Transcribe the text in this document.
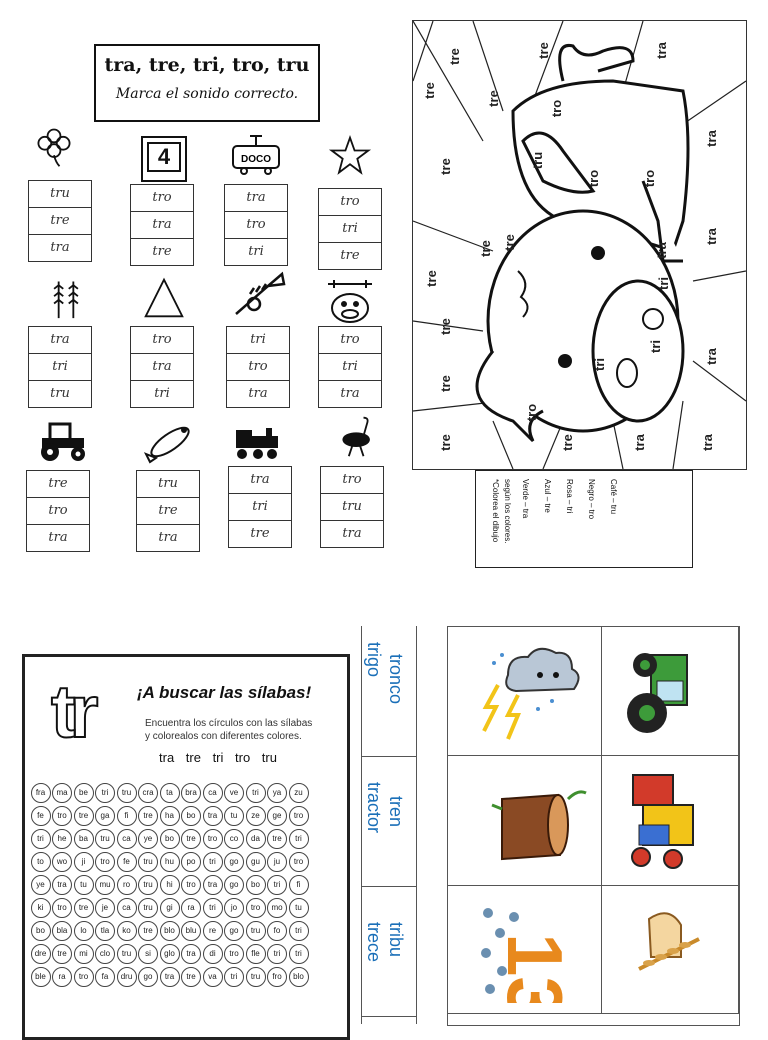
tra, tre, tri, tro, tru
Marca el sonido correcto.
4	DOCO
tru
tre
tra
tro
tra
tre
tra
tro
tri
tro
tri
tre
tra
tri
tru
tro
tra
tri
tri
tro
tra
tro
tri
tra
tre
tro
tra
tru
tre
tra
tra
tri
tre
tro
tru
tra
tre
tre
tre	tra
tre
tro
tru
tro
tra
tre
tre
tre
tro
tra
tri
tri
tre
tri	tra
tre
tro
tre	tre	tra	tra
tre	tra
*Colorea el dibujo según los colores. Verde – tra Azul – tre Rosa – tri Negro – tro Café – tru
tr	¡A buscar las sílabas!
Encuentra los círculos con las sílabas
y colorealos con diferentes colores.
tra tre tri tro tru
fra	ma	be	tri	tru	cra	ta	bra	ca	ve	tri	ya	zu
fe	tro	tre	ga	fi	tre	ha	bo	tra	tu	ze	ge	tro
tri	he	ba	tru	ca	ye	bo	tre	tro	co	da	tre	tri
to	wo	ji	tro	fe	tru	hu	po	tri	go	gu	ju	tro
ye	tra	tu	mu	ro	tru	hi	tro	tra	go	bo	tri	fi
ki	tro	tre	je	ca	tru	gi	ra	tri	jo	tro	mo	tu
bo	bla	lo	tla	ko	tre	blo	blu	re	go	tru	fo	tri
dre	tre	mi	clo	tru	si	glo	tra	di	tro	fle	tri	tri
ble	ra	tro	fa	dru	go	tra	tre	va	tri	tru	fro	blo
tronco
trigo
tren
tractor
tribu
trece 13
